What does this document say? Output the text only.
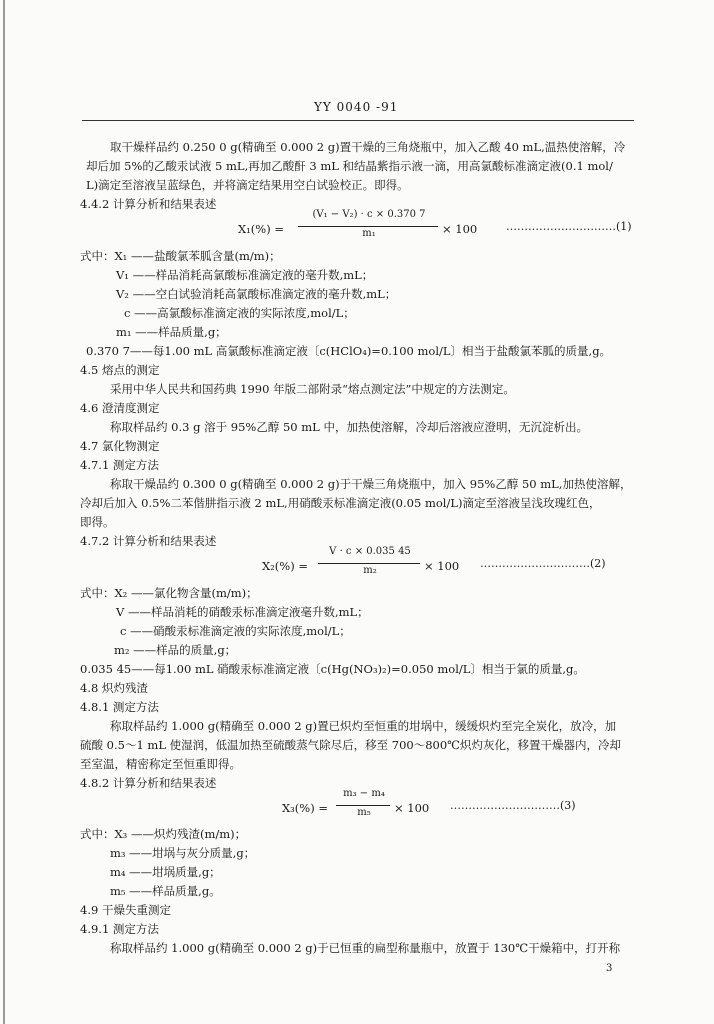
YY 0040 -91
取干燥样品约 0.250 0 g(精确至 0.000 2 g)置干燥的三角烧瓶中，加入乙酸 40 mL,温热使溶解，冷
却后加 5%的乙酸汞试液 5 mL,再加乙酸酐 3 mL 和结晶紫指示液一滴，用高氯酸标准滴定液(0.1 mol/
L)滴定至溶液呈蓝绿色，并将滴定结果用空白试验校正。即得。
4.4.2 计算分析和结果表述
X₁(%) =
(V₁ − V₂) · c × 0.370 7
m₁	× 100	…………………………(1)
式中：X₁ ——盐酸氯苯胍含量(m/m)；
V₁ ——样品消耗高氯酸标准滴定液的毫升数,mL；
V₂ ——空白试验消耗高氯酸标准滴定液的毫升数,mL；
c ——高氯酸标准滴定液的实际浓度,mol/L；
m₁ ——样品质量,g；
0.370 7——每1.00 mL 高氯酸标准滴定液〔c(HClO₄)=0.100 mol/L〕相当于盐酸氯苯胍的质量,g。
4.5 熔点的测定
采用中华人民共和国药典 1990 年版二部附录“熔点测定法”中规定的方法测定。
4.6 澄清度测定
称取样品约 0.3 g 溶于 95%乙醇 50 mL 中，加热使溶解，冷却后溶液应澄明，无沉淀析出。
4.7 氯化物测定
4.7.1 测定方法
称取干燥品约 0.300 0 g(精确至 0.000 2 g)于干燥三角烧瓶中，加入 95%乙醇 50 mL,加热使溶解，
冷却后加入 0.5%二苯偕肼指示液 2 mL,用硝酸汞标准滴定液(0.05 mol/L)滴定至溶液呈浅玫瑰红色，
即得。
4.7.2 计算分析和结果表述
X₂(%) =
V · c × 0.035 45
m₂	× 100 …………………………(2)
式中：X₂ ——氯化物含量(m/m)；
V ——样品消耗的硝酸汞标准滴定液毫升数,mL；
c ——硝酸汞标准滴定液的实际浓度,mol/L；
m₂ ——样品的质量,g；
0.035 45——每1.00 mL 硝酸汞标准滴定液〔c(Hg(NO₃)₂)=0.050 mol/L〕相当于氯的质量,g。
4.8 炽灼残渣
4.8.1 测定方法
称取样品约 1.000 g(精确至 0.000 2 g)置已炽灼至恒重的坩埚中，缓缓炽灼至完全炭化，放冷，加
硫酸 0.5～1 mL 使湿润，低温加热至硫酸蒸气除尽后，移至 700～800℃炽灼灰化，移置干燥器内，冷却
至室温，精密称定至恒重即得。
4.8.2 计算分析和结果表述
X₃(%) =
m₃ − m₄
m₅	× 100 …………………………(3)
式中：X₃ ——炽灼残渣(m/m)；
m₃ ——坩埚与灰分质量,g；
m₄ ——坩埚质量,g；
m₅ ——样品质量,g。
4.9 干燥失重测定
4.9.1 测定方法
称取样品约 1.000 g(精确至 0.000 2 g)于已恒重的扁型称量瓶中，放置于 130℃干燥箱中，打开称
3
